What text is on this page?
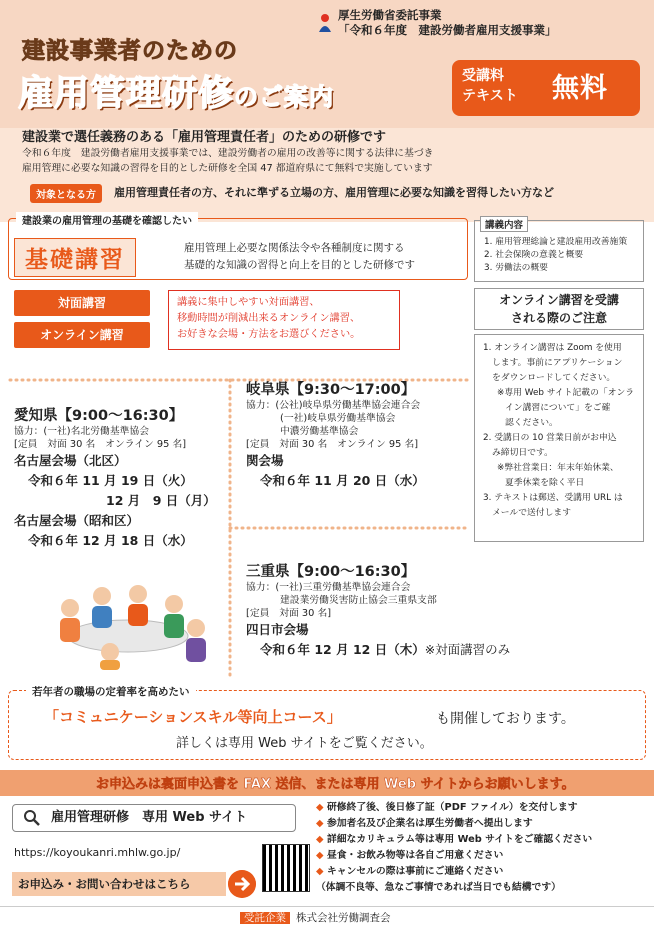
厚生労働省委託事業
「令和６年度　建設労働者雇用支援事業」
建設事業者のための
雇用管理研修のご案内
受講料
テキスト 無料
建設業で選任義務のある「雇用管理責任者」のための研修です
令和６年度　建設労働者雇用支援事業では、建設労働者の雇用の改善等に関する法律に基づき
雇用管理に必要な知識の習得を目的とした研修を全国 47 都道府県にて無料で実施しています
対象となる方	雇用管理責任者の方、それに準ずる立場の方、雇用管理に必要な知識を習得したい方など
建設業の雇用管理の基礎を確認したい
基礎講習	雇用管理上必要な関係法令や各種制度に関する
基礎的な知識の習得と向上を目的とした研修です
講義内容
1. 雇用管理総論と建設雇用改善施策
2. 社会保険の意義と概要
3. 労働法の概要
対面講習
オンライン講習
講義に集中しやすい対面講習、
移動時間が削減出来るオンライン講習、
お好きな会場・方法をお選びください。
オンライン講習を受講
される際のご注意
1. オンライン講習は Zoom を使用
します。事前にアプリケーション
をダウンロードしてください。
※専用 Web サイト記載の「オンラ
イン講習について」をご確
認ください。
2. 受講日の 10 営業日前がお申込
み締切日です。
※弊社営業日：年末年始休業、
夏季休業を除く平日
3. テキストは郵送、受講用 URL は
メールで送付します
愛知県【9:00～16:30】
協力：(一社)名北労働基準協会
[定員　対面 30 名　オンライン 95 名]
名古屋会場（北区）
令和６年 11 月 19 日（火）
12 月　9 日（月）
名古屋会場（昭和区）
令和６年 12 月 18 日（水）
岐阜県【9:30～17:00】
協力：(公社)岐阜県労働基準協会連合会
(一社)岐阜県労働基準協会
中濃労働基準協会
[定員　対面 30 名　オンライン 95 名]
関会場
令和６年 11 月 20 日（水）
三重県【9:00～16:30】
協力：(一社)三重労働基準協会連合会
建設業労働災害防止協会三重県支部
[定員　対面 30 名]
四日市会場
令和６年 12 月 12 日（木）※対面講習のみ
若年者の職場の定着率を高めたい
「コミュニケーションスキル等向上コース」	も開催しております。
詳しくは専用 Web サイトをご覧ください。
お申込みは裏面申込書を FAX 送信、または専用 Web サイトからお願いします。
雇用管理研修　専用 Web サイト
https://koyoukanri.mhlw.go.jp/
お申込み・お問い合わせはこちら
◆ 研修終了後、後日修了証（PDF ファイル）を交付します
◆ 参加者名及び企業名は厚生労働者へ提出します
◆ 詳細なカリキュラム等は専用 Web サイトをご確認ください
◆ 昼食・お飲み物等は各自ご用意ください
◆ キャンセルの際は事前にご連絡ください
（体調不良等、急なご事情であれば当日でも結構です）
受託企業 株式会社労働調査会
